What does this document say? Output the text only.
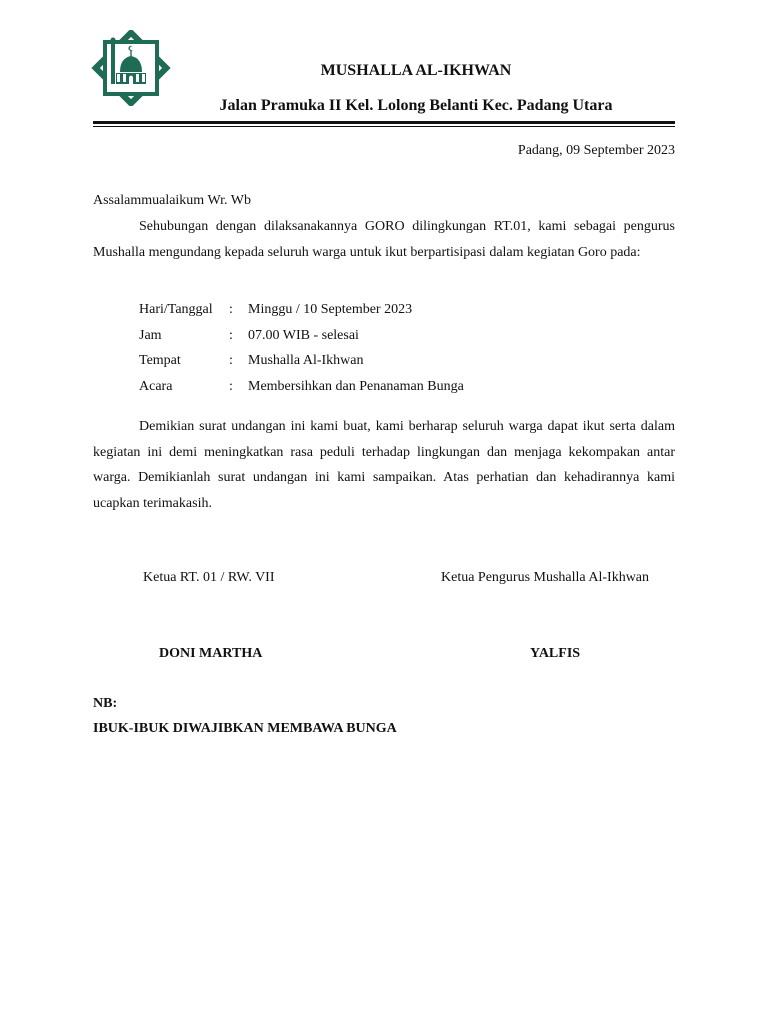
MUSHALLA AL-IKHWAN
Jalan Pramuka II Kel. Lolong Belanti Kec. Padang Utara
Padang, 09 September 2023
Assalammualaikum Wr. Wb
Sehubungan dengan dilaksanakannya GORO dilingkungan RT.01, kami sebagai pengurus Mushalla mengundang kepada seluruh warga untuk ikut berpartisipasi dalam kegiatan Goro pada:
Hari/Tanggal	:	Minggu / 10 September 2023
Jam	:	07.00 WIB - selesai
Tempat	:	Mushalla Al-Ikhwan
Acara	:	Membersihkan dan Penanaman Bunga
Demikian surat undangan ini kami buat, kami berharap seluruh warga dapat ikut serta dalam kegiatan ini demi meningkatkan rasa peduli terhadap lingkungan dan menjaga kekompakan antar warga. Demikianlah surat undangan ini kami sampaikan. Atas perhatian dan kehadirannya kami ucapkan terimakasih.
Ketua RT. 01 / RW. VII	Ketua Pengurus Mushalla Al-Ikhwan
DONI MARTHA	YALFIS
NB:
IBUK-IBUK DIWAJIBKAN MEMBAWA BUNGA
